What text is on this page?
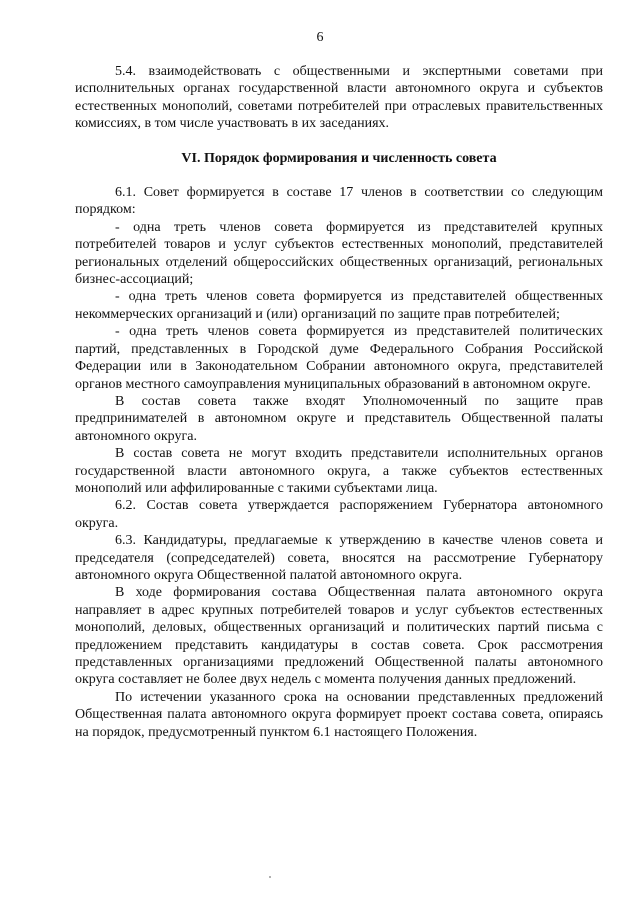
6

5.4. взаимодействовать с общественными и экспертными советами при исполнительных органах государственной власти автономного округа и субъектов естественных монополий, советами потребителей при отраслевых правительственных комиссиях, в том числе участвовать в их заседаниях.

VI. Порядок формирования и численность совета

6.1. Совет формируется в составе 17 членов в соответствии со следующим порядком:

- одна треть членов совета формируется из представителей крупных потребителей товаров и услуг субъектов естественных монополий, представителей региональных отделений общероссийских общественных организаций, региональных бизнес-ассоциаций;

- одна треть членов совета формируется из представителей общественных некоммерческих организаций и (или) организаций по защите прав потребителей;

- одна треть членов совета формируется из представителей политических партий, представленных в Городской думе Федерального Собрания Российской Федерации или в Законодательном Собрании автономного округа, представителей органов местного самоуправления муниципальных образований в автономном округе.

В состав совета также входят Уполномоченный по защите прав предпринимателей в автономном округе и представитель Общественной палаты автономного округа.

В состав совета не могут входить представители исполнительных органов государственной власти автономного округа, а также субъектов естественных монополий или аффилированные с такими субъектами лица.

6.2. Состав совета утверждается распоряжением Губернатора автономного округа.

6.3. Кандидатуры, предлагаемые к утверждению в качестве членов совета и председателя (сопредседателей) совета, вносятся на рассмотрение Губернатору автономного округа Общественной палатой автономного округа.

В ходе формирования состава Общественная палата автономного округа направляет в адрес крупных потребителей товаров и услуг субъектов естественных монополий, деловых, общественных организаций и политических партий письма с предложением представить кандидатуры в состав совета. Срок рассмотрения представленных организациями предложений Общественной палаты автономного округа составляет не более двух недель с момента получения данных предложений.

По истечении указанного срока на основании представленных предложений Общественная палата автономного округа формирует проект состава совета, опираясь на порядок, предусмотренный пунктом 6.1 настоящего Положения.
